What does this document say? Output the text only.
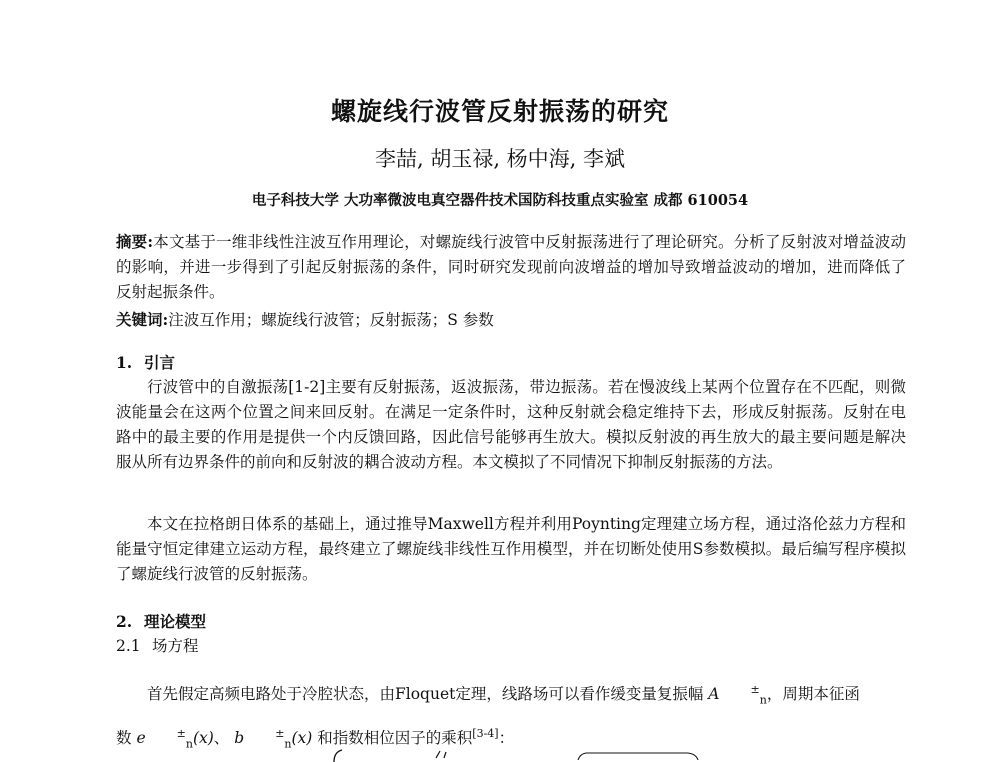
螺旋线行波管反射振荡的研究
李喆, 胡玉禄, 杨中海, 李斌
电子科技大学 大功率微波电真空器件技术国防科技重点实验室 成都 610054
摘要:本文基于一维非线性注波互作用理论，对螺旋线行波管中反射振荡进行了理论研究。分析了反射波对增益波动的影响，并进一步得到了引起反射振荡的条件，同时研究发现前向波增益的增加导致增益波动的增加，进而降低了反射起振条件。
关键词:注波互作用；螺旋线行波管；反射振荡；S 参数
1. 引言
行波管中的自激振荡[1-2]主要有反射振荡，返波振荡，带边振荡。若在慢波线上某两个位置存在不匹配，则微波能量会在这两个位置之间来回反射。在满足一定条件时，这种反射就会稳定维持下去，形成反射振荡。反射在电路中的最主要的作用是提供一个内反馈回路，因此信号能够再生放大。模拟反射波的再生放大的最主要问题是解决服从所有边界条件的前向和反射波的耦合波动方程。本文模拟了不同情况下抑制反射振荡的方法。
本文在拉格朗日体系的基础上，通过推导Maxwell方程并利用Poynting定理建立场方程，通过洛伦兹力方程和能量守恒定律建立运动方程，最终建立了螺旋线非线性互作用模型，并在切断处使用S参数模拟。最后编写程序模拟了螺旋线行波管的反射振荡。
2. 理论模型
2.1 场方程
首先假定高频电路处于冷腔状态，由Floquet定理，线路场可以看作缓变量复振幅 A	±$_n$，周期本征函
数 e	±$_n$(x)、 b	±$_n$(x) 和指数相位因子的乘积[3-4]：
